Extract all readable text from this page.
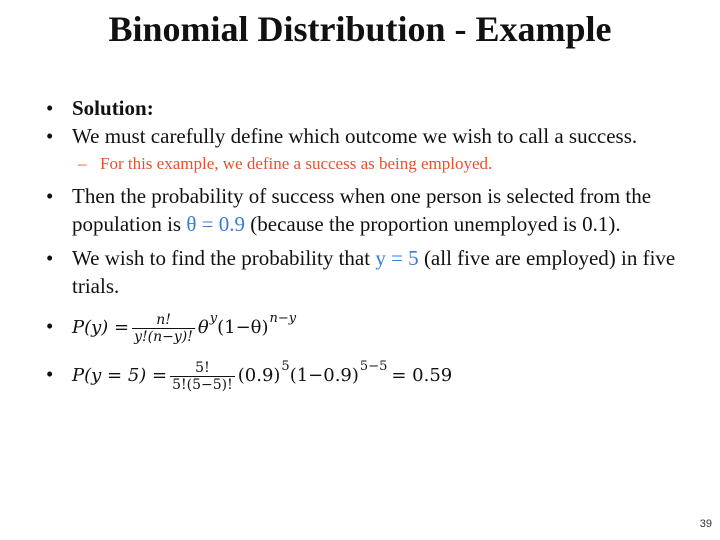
Binomial Distribution - Example
• Solution:
• We must carefully define which outcome we wish to call a success.
– For this example, we define a success as being employed.
• Then the probability of success when one person is selected from the population is θ = 0.9 (because the proportion unemployed is 0.1).
• We wish to find the probability that y = 5 (all five are employed) in five trials.
•	$P(y) = \frac{n!}{y!(n-y)!}$ θ y (1−θ) n−y
•	$P(y = 5) = \frac{5!}{5!(5-5)!} (0.9)$ 5 (1−0.9) 5−5 = 0.59
39
